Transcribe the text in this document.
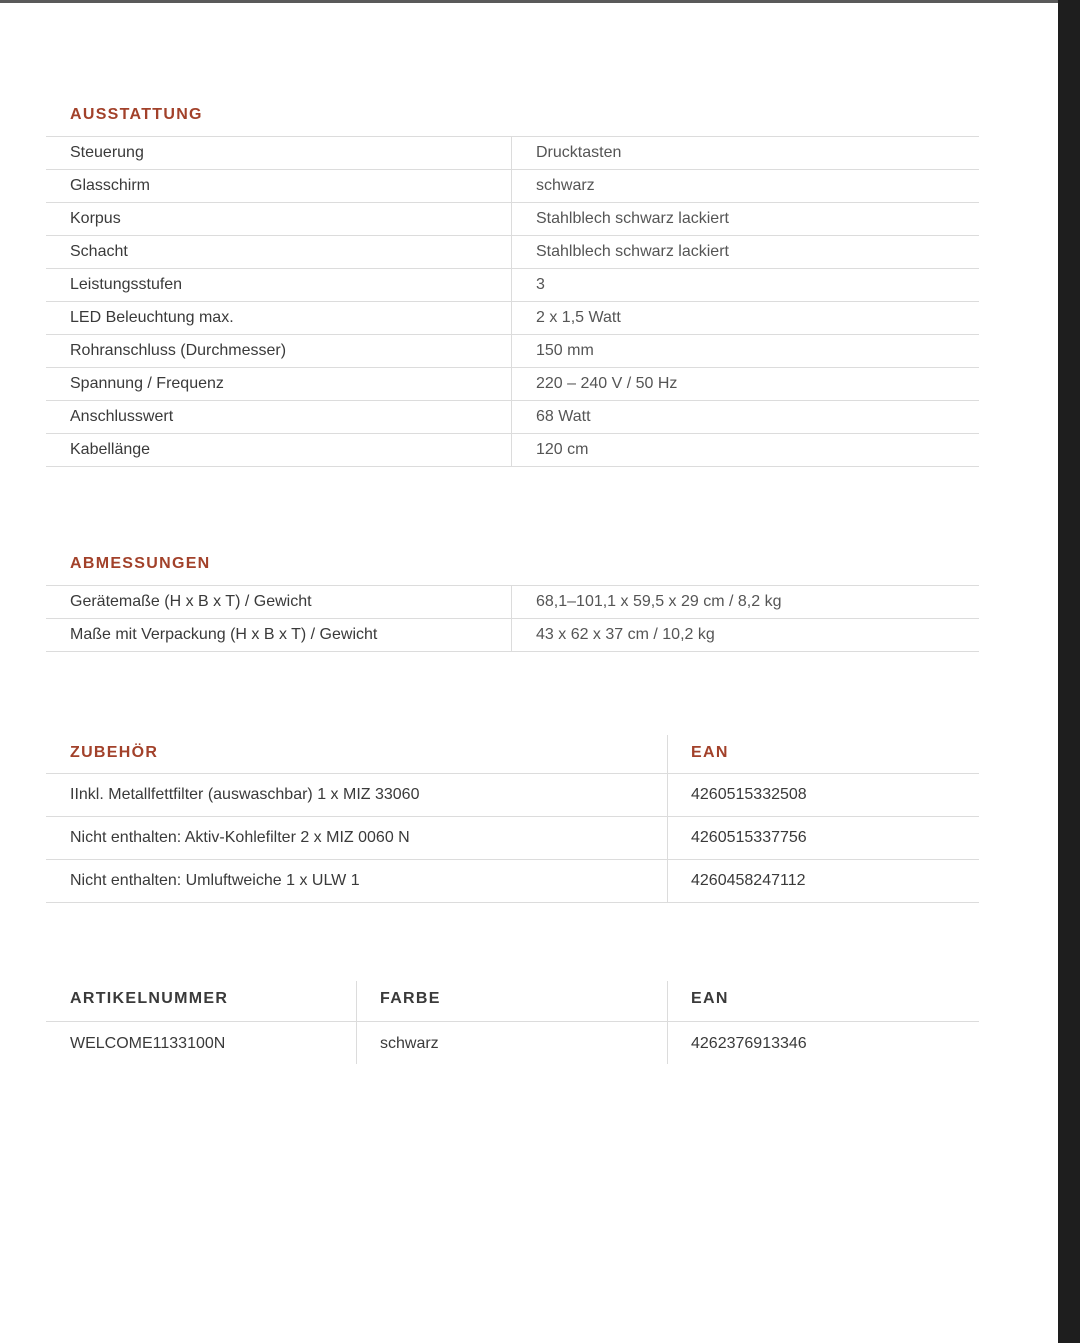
AUSSTATTUNG
Steuerung	Drucktasten
Glasschirm	schwarz
Korpus	Stahlblech schwarz lackiert
Schacht	Stahlblech schwarz lackiert
Leistungsstufen	3
LED Beleuchtung max.	2 x 1,5 Watt
Rohranschluss (Durchmesser)	150 mm
Spannung / Frequenz	220 – 240 V / 50 Hz
Anschlusswert	68 Watt
Kabellänge	120 cm
ABMESSUNGEN
Gerätemaße (H x B x T) / Gewicht	68,1–101,1 x 59,5 x 29 cm / 8,2 kg
Maße mit Verpackung (H x B x T) / Gewicht	43 x 62 x 37 cm / 10,2 kg
ZUBEHÖR	EAN
IInkl. Metallfettfilter (auswaschbar) 1 x MIZ 33060	4260515332508
Nicht enthalten: Aktiv-Kohlefilter 2 x MIZ 0060 N	4260515337756
Nicht enthalten: Umluftweiche 1 x ULW 1	4260458247112
ARTIKELNUMMER	FARBE	EAN
WELCOME1133100N	schwarz	4262376913346
